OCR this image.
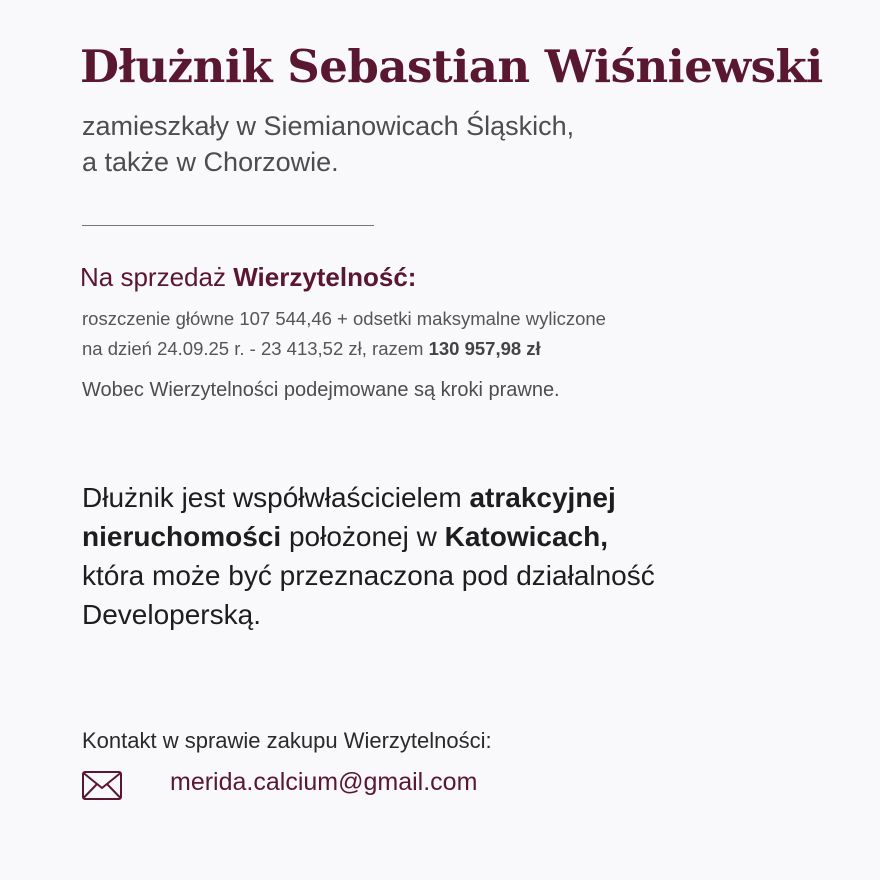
Dłużnik Sebastian Wiśniewski
zamieszkały w Siemianowicach Śląskich,
a także w Chorzowie.
Na sprzedaż Wierzytelność:
roszczenie główne 107 544,46 + odsetki maksymalne wyliczone
na dzień 24.09.25 r. - 23 413,52 zł, razem 130 957,98 zł
Wobec Wierzytelności podejmowane są kroki prawne.
Dłużnik jest współwłaścicielem atrakcyjnej
nieruchomości położonej w Katowicach,
która może być przeznaczona pod działalność
Developerską.
Kontakt w sprawie zakupu Wierzytelności:
merida.calcium@gmail.com
